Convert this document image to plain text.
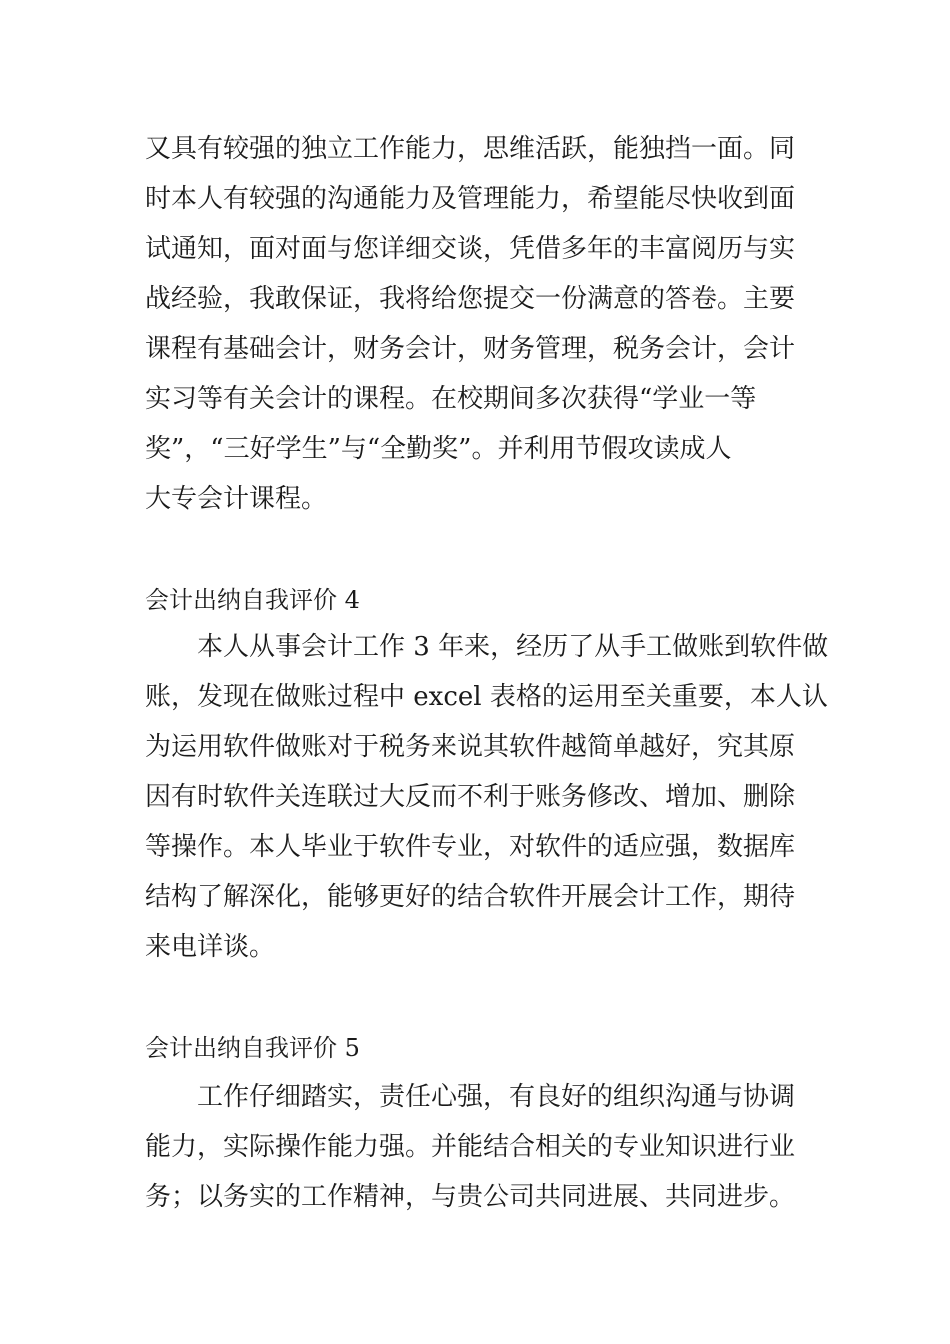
又具有较强的独立工作能力，思维活跃，能独挡一面。同
时本人有较强的沟通能力及管理能力，希望能尽快收到面
试通知，面对面与您详细交谈，凭借多年的丰富阅历与实
战经验，我敢保证，我将给您提交一份满意的答卷。主要
课程有基础会计，财务会计，财务管理，税务会计，会计
实习等有关会计的课程。在校期间多次获得“学业一等
奖”，“三好学生”与“全勤奖”。并利用节假攻读成人
大专会计课程。
会计出纳自我评价 4
　　本人从事会计工作 3 年来，经历了从手工做账到软件做
账，发现在做账过程中 excel 表格的运用至关重要，本人认
为运用软件做账对于税务来说其软件越简单越好，究其原
因有时软件关连联过大反而不利于账务修改、增加、删除
等操作。本人毕业于软件专业，对软件的适应强，数据库
结构了解深化，能够更好的结合软件开展会计工作，期待
来电详谈。
会计出纳自我评价 5
　　工作仔细踏实，责任心强，有良好的组织沟通与协调
能力，实际操作能力强。并能结合相关的专业知识进行业
务；以务实的工作精神，与贵公司共同进展、共同进步。
